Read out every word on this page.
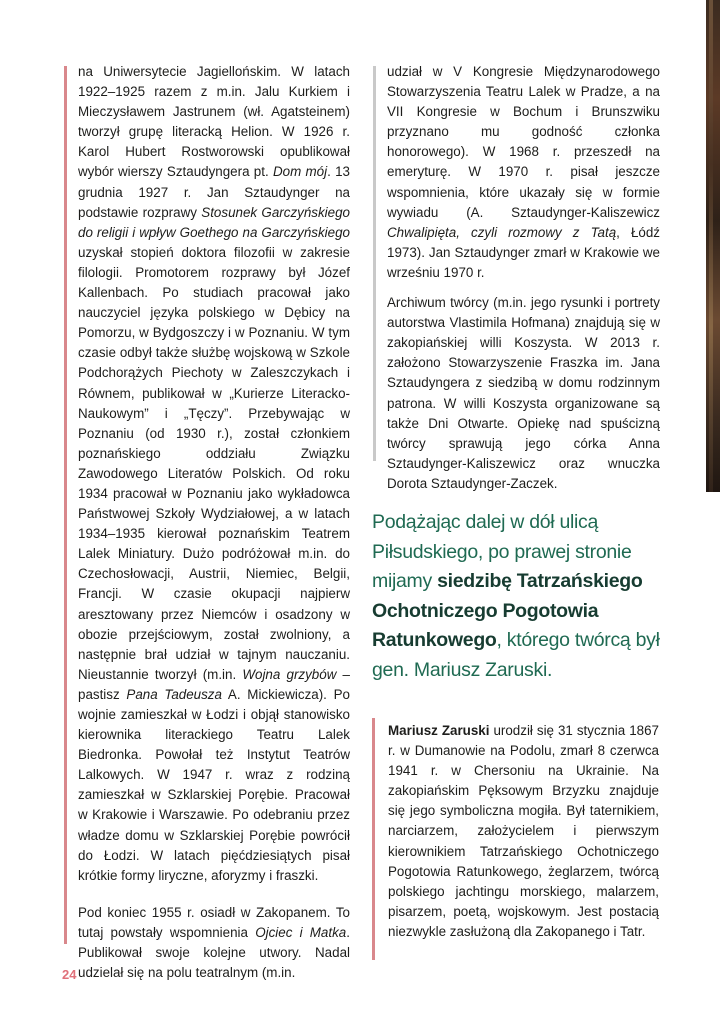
na Uniwersytecie Jagiellońskim. W latach 1922–1925 razem z m.in. Jalu Kurkiem i Mieczysławem Jastrunem (wł. Agatsteinem) tworzył grupę literacką Helion. W 1926 r. Karol Hubert Rostworowski opublikował wybór wierszy Sztaudyngera pt. Dom mój. 13 grudnia 1927 r. Jan Sztaudynger na podstawie rozprawy Stosunek Garczyńskiego do religii i wpływ Goethego na Garczyńskiego uzyskał stopień doktora filozofii w zakresie filologii. Promotorem rozprawy był Józef Kallenbach. Po studiach pracował jako nauczyciel języka polskiego w Dębicy na Pomorzu, w Bydgoszczy i w Poznaniu. W tym czasie odbył także służbę wojskową w Szkole Podchorążych Piechoty w Zaleszczykach i Równem, publikował w „Kurierze Literacko-Naukowym” i „Tęczy”. Przebywając w Poznaniu (od 1930 r.), został członkiem poznańskiego oddziału Związku Zawodowego Literatów Polskich. Od roku 1934 pracował w Poznaniu jako wykładowca Państwowej Szkoły Wydziałowej, a w latach 1934–1935 kierował poznańskim Teatrem Lalek Miniatury. Dużo podróżował m.in. do Czechosłowacji, Austrii, Niemiec, Belgii, Francji. W czasie okupacji najpierw aresztowany przez Niemców i osadzony w obozie przejściowym, został zwolniony, a następnie brał udział w tajnym nauczaniu. Nieustannie tworzył (m.in. Wojna grzybów – pastisz Pana Tadeusza A. Mickiewicza). Po wojnie zamieszkał w Łodzi i objął stanowisko kierownika literackiego Teatru Lalek Biedronka. Powołał też Instytut Teatrów Lalkowych. W 1947 r. wraz z rodziną zamieszkał w Szklarskiej Porębie. Pracował w Krakowie i Warszawie. Po odebraniu przez władze domu w Szklarskiej Porębie powrócił do Łodzi. W latach pięćdziesiątych pisał krótkie formy liryczne, aforyzmy i fraszki.

Pod koniec 1955 r. osiadł w Zakopanem. To tutaj powstały wspomnienia Ojciec i Matka. Publikował swoje kolejne utwory. Nadal udzielał się na polu teatralnym (m.in.

udział w V Kongresie Międzynarodowego Stowarzyszenia Teatru Lalek w Pradze, a na VII Kongresie w Bochum i Brunszwiku przyznano mu godność członka honorowego). W 1968 r. przeszedł na emeryturę. W 1970 r. pisał jeszcze wspomnienia, które ukazały się w formie wywiadu (A. Sztaudynger-Kaliszewicz Chwalipięta, czyli rozmowy z Tatą, Łódź 1973). Jan Sztaudynger zmarł w Krakowie we wrześniu 1970 r.

Archiwum twórcy (m.in. jego rysunki i portrety autorstwa Vlastimila Hofmana) znajdują się w zakopiańskiej willi Koszysta. W 2013 r. założono Stowarzyszenie Fraszka im. Jana Sztaudyngera z siedzibą w domu rodzinnym patrona. W willi Koszysta organizowane są także Dni Otwarte. Opiekę nad spuścizną twórcy sprawują jego córka Anna Sztaudynger-Kaliszewicz oraz wnuczka Dorota Sztaudynger-Zaczek.

Podążając dalej w dół ulicą Piłsudskiego, po prawej stronie mijamy siedzibę Tatrzańskiego Ochotniczego Pogotowia Ratunkowego, którego twórcą był gen. Mariusz Zaruski.
Mariusz Zaruski urodził się 31 stycznia 1867 r. w Dumanowie na Podolu, zmarł 8 czerwca 1941 r. w Chersoniu na Ukrainie. Na zakopiańskim Pęksowym Brzyzku znajduje się jego symboliczna mogiła. Był taternikiem, narciarzem, założycielem i pierwszym kierownikiem Tatrzańskiego Ochotniczego Pogotowia Ratunkowego, żeglarzem, twórcą polskiego jachtingu morskiego, malarzem, pisarzem, poetą, wojskowym. Jest postacią niezwykle zasłużoną dla Zakopanego i Tatr.
24
